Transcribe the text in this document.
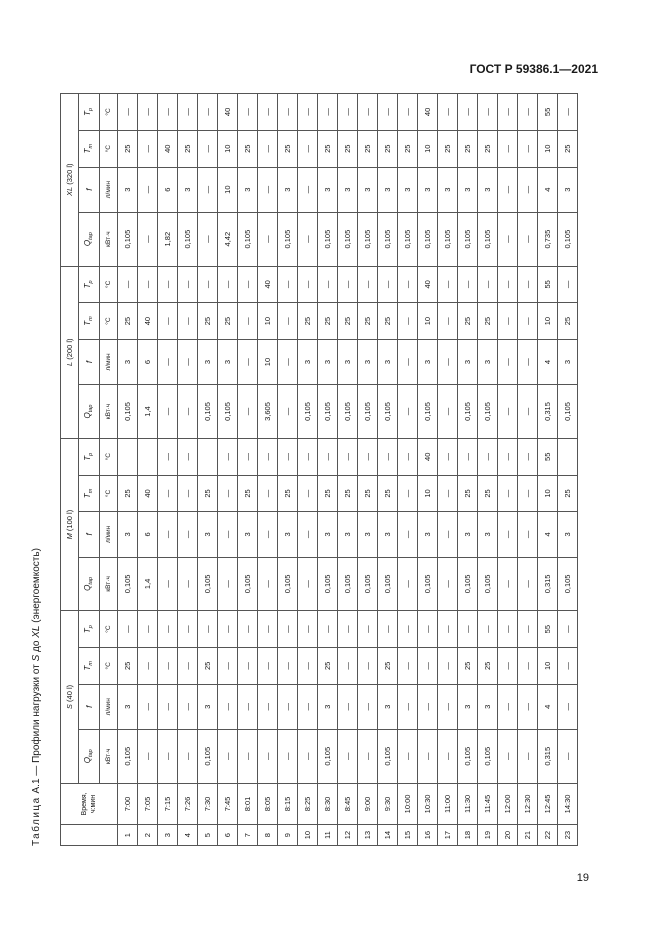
ГОСТ Р 59386.1—2021

Таблица А.1 — Профили нагрузки от S до XL (энергоемкость)
	Время, ч:мин	S (40 l)				M (100 l)				L (200 l)				XL (320 l)			
		$Q_{tap}$	f	$T_m$	$T_p$	$Q_{tap}$	f	$T_m$	$T_p$	$Q_{tap}$	f	$T_m$	$T_p$	$Q_{tap}$	f	$T_m$	$T_p$
		кВт·ч	л/мин	°С	°С	кВт·ч	л/мин	°С	°С	кВт·ч	л/мин	°С	°С	кВт·ч	л/мин	°С	°С
1	7:00	0,105	3	25	—	0,105	3	25		0,105	3	25	—	0,105	3	25	—
2	7:05	—	—	—	—	1,4	6	40		1,4	6	40	—	—	—	—	—
3	7:15	—	—	—	—	—	—	—	—	—	—	—	—	1,82	6	40	—
4	7:26	—	—	—	—	—	—	—	—	—	—	—	—	0,105	3	25	—
5	7:30	0,105	3	25	—	0,105	3	25		0,105	3	25	—	—	—	—	—
6	7:45	—	—	—	—	—	—	—	—	0,105	3	25	—	4,42	10	10	40
7	8:01	—	—	—	—	0,105	3	25	—	—	—	—	—	0,105	3	25	—
8	8:05	—	—	—	—	—	—	—	—	3,605	10	10	40	—	—	—	—
9	8:15	—	—	—	—	0,105	3	25	—	—	—	—	—	0,105	3	25	—
10	8:25	—	—	—	—	—	—	—	—	0,105	3	25	—	—	—	—	—
11	8:30	0,105	3	25	—	0,105	3	25	—	0,105	3	25	—	0,105	3	25	—
12	8:45	—	—	—	—	0,105	3	25	—	0,105	3	25	—	0,105	3	25	—
13	9:00	—	—	—	—	0,105	3	25	—	0,105	3	25	—	0,105	3	25	—
14	9:30	0,105	3	25	—	0,105	3	25	—	0,105	3	25	—	0,105	3	25	—
15	10:00	—	—	—	—	—	—	—	—	—	—	—	—	0,105	3	25	—
16	10:30	—	—	—	—	0,105	3	10	40	0,105	3	10	40	0,105	3	10	40
17	11:00	—	—	—	—	—	—	—	—	—	—	—	—	0,105	3	25	—
18	11:30	0,105	3	25	—	0,105	3	25	—	0,105	3	25	—	0,105	3	25	—
19	11:45	0,105	3	25	—	0,105	3	25	—	0,105	3	25	—	0,105	3	25	—
20	12:00	—	—	—	—	—	—	—	—	—	—	—	—	—	—	—	—
21	12:30	—	—	—	—	—	—	—	—	—	—	—	—	—	—	—	—
22	12:45	0,315	4	10	55	0,315	4	10	55	0,315	4	10	55	0,735	4	10	55
23	14:30	—	—	—	—	0,105	3	25		0,105	3	25	—	0,105	3	25	—

19
